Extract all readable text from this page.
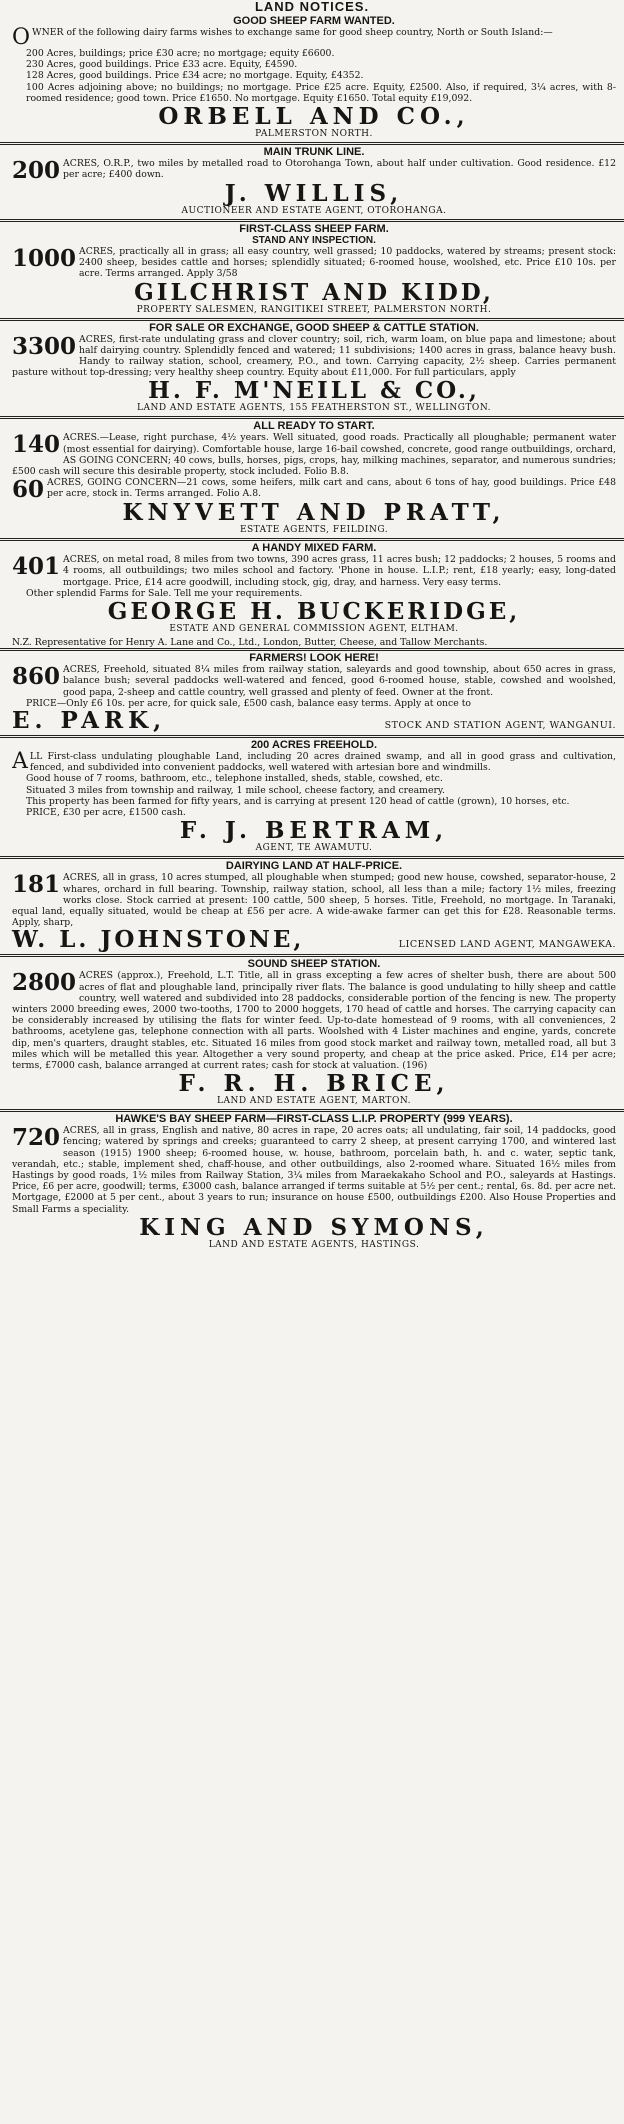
LAND NOTICES.
GOOD SHEEP FARM WANTED.
OWNER of the following dairy farms wishes to exchange same for good sheep country, North or South Island:—
200 Acres, buildings; price £30 acre; no mortgage; equity £6600.
230 Acres, good buildings. Price £33 acre. Equity, £4590.
128 Acres, good buildings. Price £34 acre; no mortgage. Equity, £4352.
100 Acres adjoining above; no buildings; no mortgage. Price £25 acre. Equity, £2500. Also, if required, 3¼ acres, with 8-roomed residence; good town. Price £1650. No mortgage. Equity £1650. Total equity £19,092.
ORBELL AND CO.,
PALMERSTON NORTH.
MAIN TRUNK LINE.
200 ACRES, O.R.P., two miles by metalled road to Otorohanga Town, about half under cultivation. Good residence. £12 per acre; £400 down.
J. WILLIS,
AUCTIONEER AND ESTATE AGENT, OTOROHANGA.
FIRST-CLASS SHEEP FARM.
STAND ANY INSPECTION.
1000 ACRES, practically all in grass; all easy country, well grassed; 10 paddocks, watered by streams; present stock: 2400 sheep, besides cattle and horses; splendidly situated; 6-roomed house, woolshed, etc. Price £10 10s. per acre. Terms arranged. Apply 3/58
GILCHRIST AND KIDD,
PROPERTY SALESMEN, RANGITIKEI STREET, PALMERSTON NORTH.
FOR SALE OR EXCHANGE, GOOD SHEEP & CATTLE STATION.
3300 ACRES, first-rate undulating grass and clover country; soil, rich, warm loam, on blue papa and limestone; about half dairying country. Splendidly fenced and watered; 11 subdivisions; 1400 acres in grass, balance heavy bush. Handy to railway station, school, creamery, P.O., and town. Carrying capacity, 2½ sheep. Carries permanent pasture without top-dressing; very healthy sheep country. Equity about £11,000. For full particulars, apply
H. F. M'NEILL & CO.,
LAND AND ESTATE AGENTS, 155 FEATHERSTON ST., WELLINGTON.
ALL READY TO START.
140 ACRES.—Lease, right purchase, 4½ years. Well situated, good roads. Practically all ploughable; permanent water (most essential for dairying). Comfortable house, large 16-bail cowshed, concrete, good range outbuildings, orchard, AS GOING CONCERN; 40 cows, bulls, horses, pigs, crops, hay, milking machines, separator, and numerous sundries; £500 cash will secure this desirable property, stock included. Folio B.8.
60 ACRES, GOING CONCERN—21 cows, some heifers, milk cart and cans, about 6 tons of hay, good buildings. Price £48 per acre, stock in. Terms arranged. Folio A.8.
KNYVETT AND PRATT,
ESTATE AGENTS, FEILDING.
A HANDY MIXED FARM.
401 ACRES, on metal road, 8 miles from two towns, 390 acres grass, 11 acres bush; 12 paddocks; 2 houses, 5 rooms and 4 rooms, all outbuildings; two miles school and factory. 'Phone in house. L.I.P.; rent, £18 yearly; easy, long-dated mortgage. Price, £14 acre goodwill, including stock, gig, dray, and harness. Very easy terms.
Other splendid Farms for Sale. Tell me your requirements.
GEORGE H. BUCKERIDGE,
ESTATE AND GENERAL COMMISSION AGENT, ELTHAM.
N.Z. Representative for Henry A. Lane and Co., Ltd., London, Butter, Cheese, and Tallow Merchants.
FARMERS! LOOK HERE!
860 ACRES, Freehold, situated 8¼ miles from railway station, saleyards and good township, about 650 acres in grass, balance bush; several paddocks well-watered and fenced, good 6-roomed house, stable, cowshed and woolshed, good papa, 2-sheep and cattle country, well grassed and plenty of feed. Owner at the front.
PRICE—Only £6 10s. per acre, for quick sale, £500 cash, balance easy terms. Apply at once to
E. PARK,	STOCK AND STATION AGENT, WANGANUI.
200 ACRES FREEHOLD.
ALL First-class undulating ploughable Land, including 20 acres drained swamp, and all in good grass and cultivation, fenced, and subdivided into convenient paddocks, well watered with artesian bore and windmills.
Good house of 7 rooms, bathroom, etc., telephone installed, sheds, stable, cowshed, etc.
Situated 3 miles from township and railway, 1 mile school, cheese factory, and creamery.
This property has been farmed for fifty years, and is carrying at present 120 head of cattle (grown), 10 horses, etc.
PRICE, £30 per acre, £1500 cash.
F. J. BERTRAM,
AGENT, TE AWAMUTU.
DAIRYING LAND AT HALF-PRICE.
181 ACRES, all in grass, 10 acres stumped, all ploughable when stumped; good new house, cowshed, separator-house, 2 whares, orchard in full bearing. Township, railway station, school, all less than a mile; factory 1½ miles, freezing works close. Stock carried at present: 100 cattle, 500 sheep, 5 horses. Title, Freehold, no mortgage. In Taranaki, equal land, equally situated, would be cheap at £56 per acre. A wide-awake farmer can get this for £28. Reasonable terms. Apply, sharp,
W. L. JOHNSTONE,	LICENSED LAND AGENT, MANGAWEKA.
SOUND SHEEP STATION.
2800 ACRES (approx.), Freehold, L.T. Title, all in grass excepting a few acres of shelter bush, there are about 500 acres of flat and ploughable land, principally river flats. The balance is good undulating to hilly sheep and cattle country, well watered and subdivided into 28 paddocks, considerable portion of the fencing is new. The property winters 2000 breeding ewes, 2000 two-tooths, 1700 to 2000 hoggets, 170 head of cattle and horses. The carrying capacity can be considerably increased by utilising the flats for winter feed. Up-to-date homestead of 9 rooms, with all conveniences, 2 bathrooms, acetylene gas, telephone connection with all parts. Woolshed with 4 Lister machines and engine, yards, concrete dip, men's quarters, draught stables, etc. Situated 16 miles from good stock market and railway town, metalled road, all but 3 miles which will be metalled this year. Altogether a very sound property, and cheap at the price asked. Price, £14 per acre; terms, £7000 cash, balance arranged at current rates; cash for stock at valuation. (196)
F. R. H. BRICE,
LAND AND ESTATE AGENT, MARTON.
HAWKE'S BAY SHEEP FARM—FIRST-CLASS L.I.P. PROPERTY (999 YEARS).
720 ACRES, all in grass, English and native, 80 acres in rape, 20 acres oats; all undulating, fair soil, 14 paddocks, good fencing; watered by springs and creeks; guaranteed to carry 2 sheep, at present carrying 1700, and wintered last season (1915) 1900 sheep; 6-roomed house, w. house, bathroom, porcelain bath, h. and c. water, septic tank, verandah, etc.; stable, implement shed, chaff-house, and other outbuildings, also 2-roomed whare. Situated 16½ miles from Hastings by good roads, 1½ miles from Railway Station, 3¼ miles from Maraekakaho School and P.O., saleyards at Hastings. Price, £6 per acre, goodwill; terms, £3000 cash, balance arranged if terms suitable at 5½ per cent.; rental, 6s. 8d. per acre net. Mortgage, £2000 at 5 per cent., about 3 years to run; insurance on house £500, outbuildings £200. Also House Properties and Small Farms a speciality.
KING AND SYMONS,
LAND AND ESTATE AGENTS, HASTINGS.
